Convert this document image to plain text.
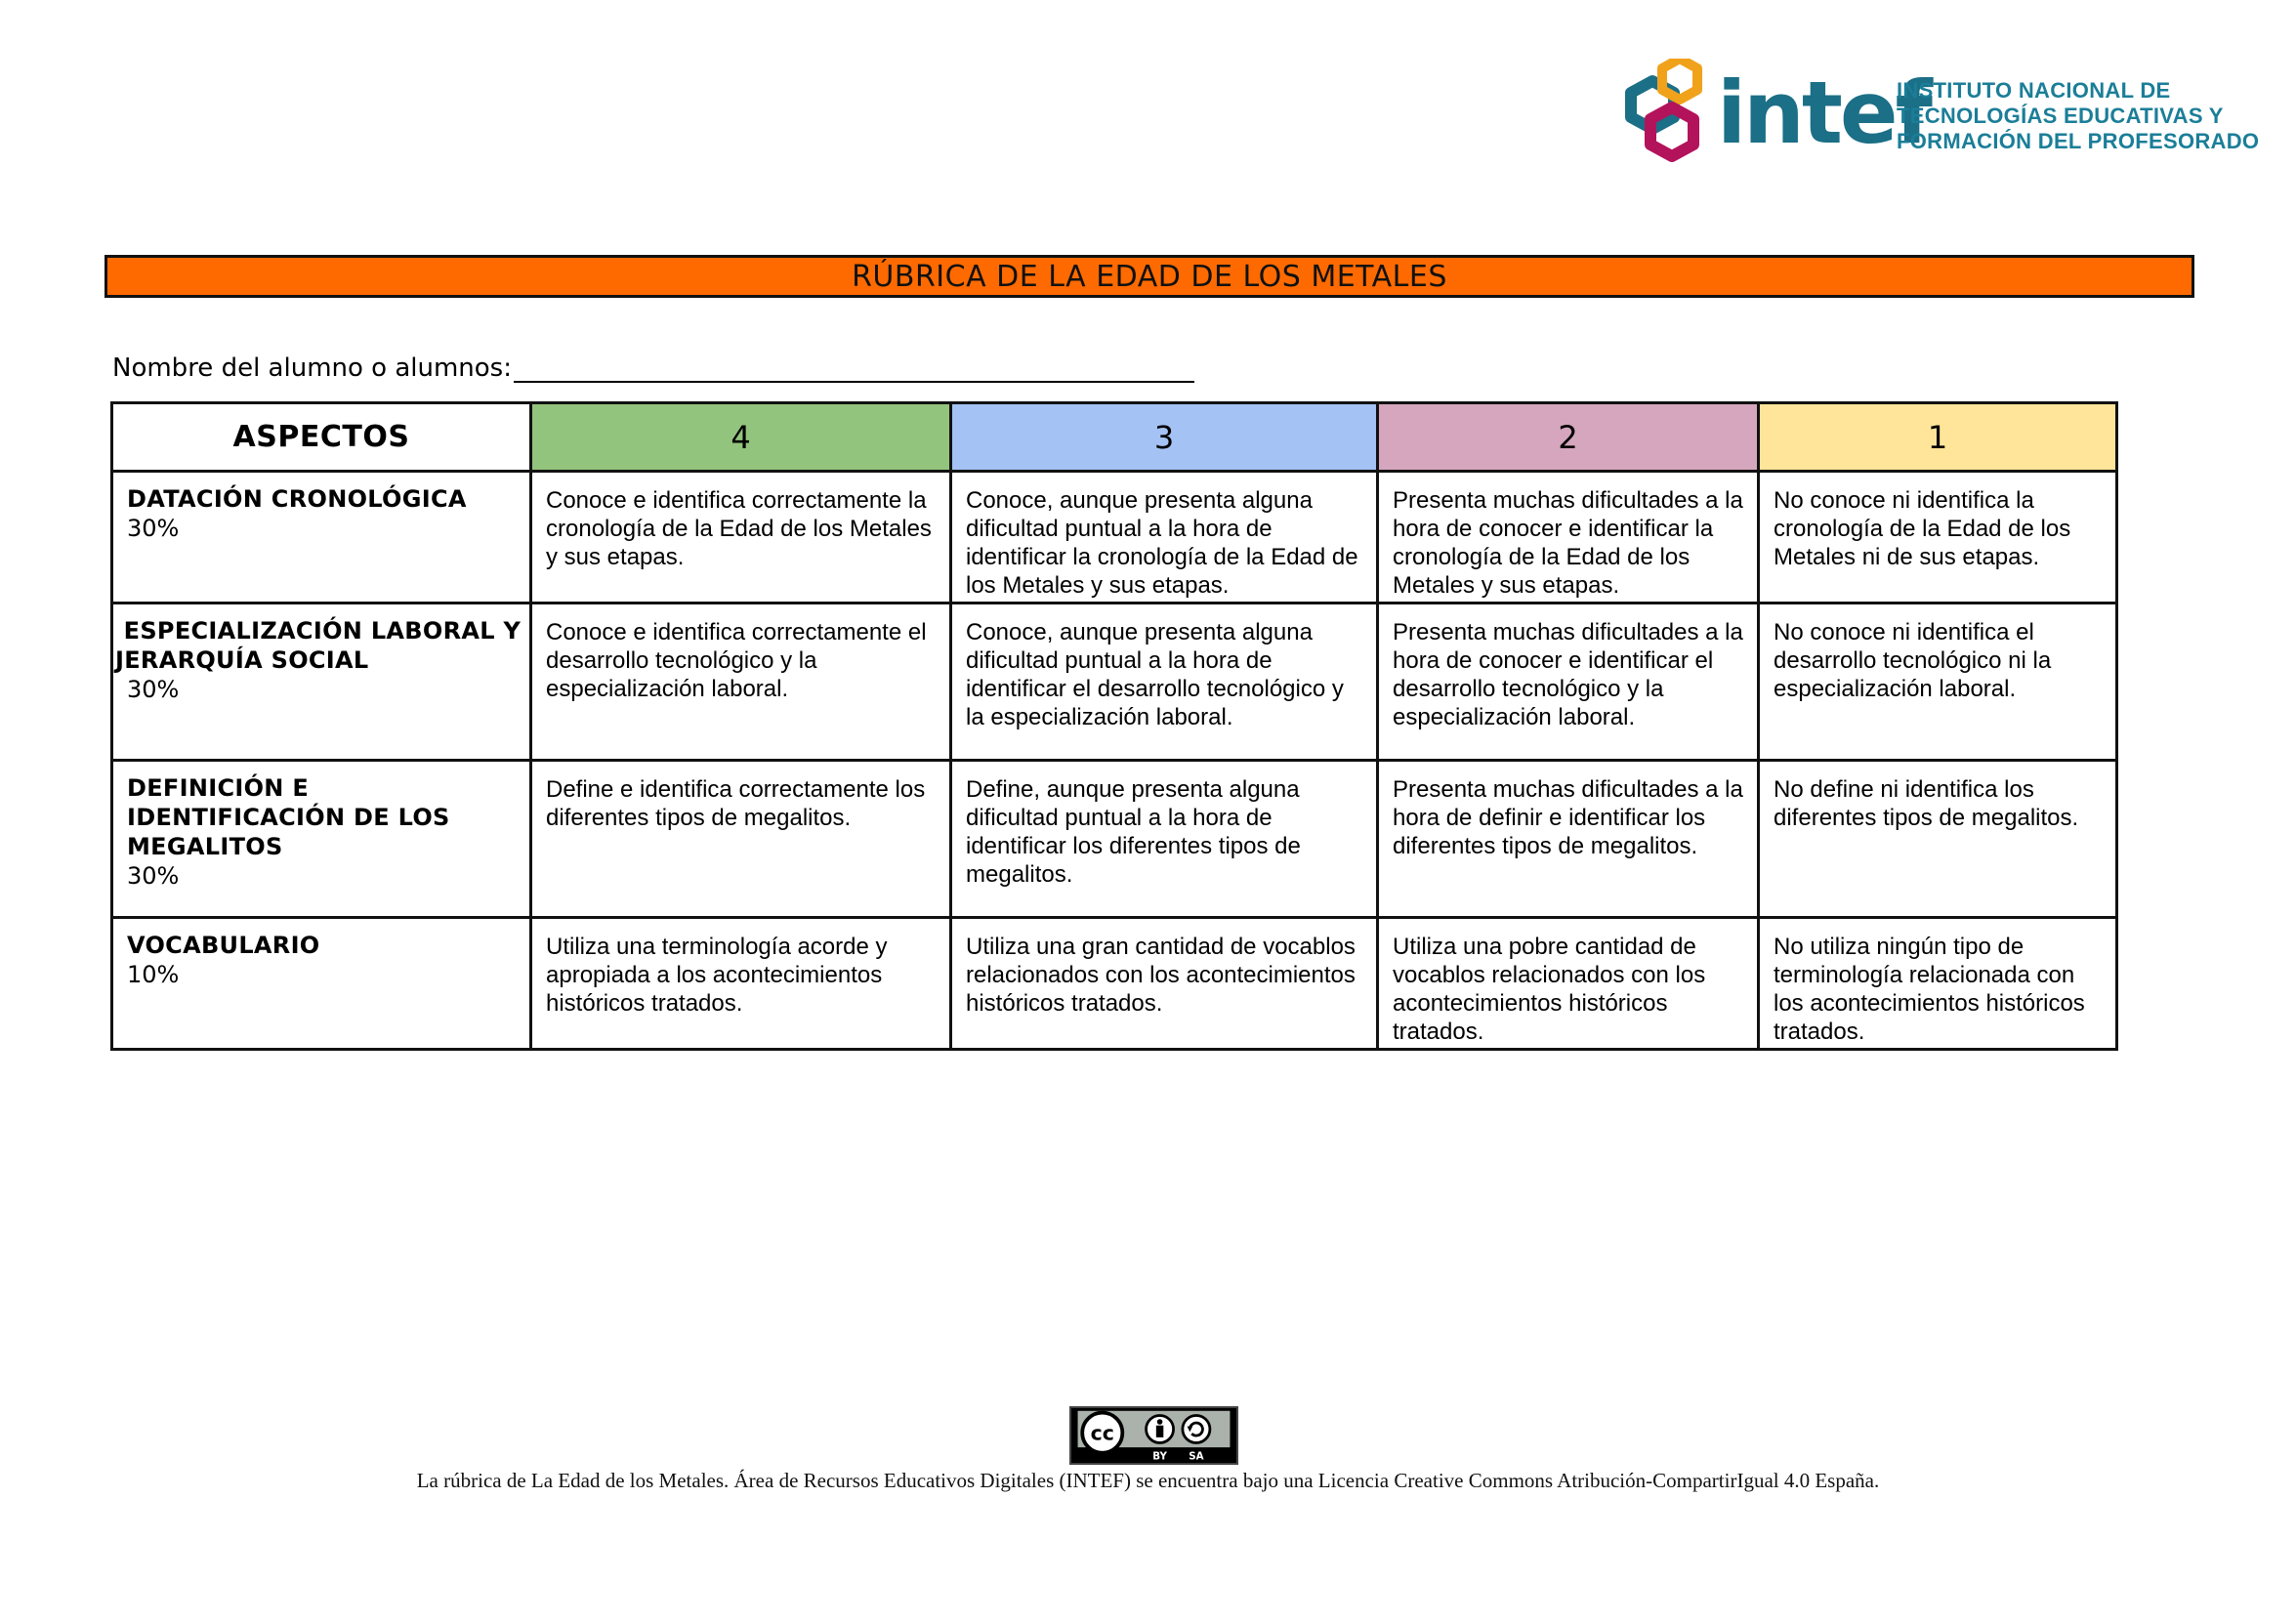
intef
INSTITUTO NACIONAL DE
TECNOLOGÍAS EDUCATIVAS Y
FORMACIÓN DEL PROFESORADO
RÚBRICA DE LA EDAD DE LOS METALES
Nombre del alumno o alumnos:
ASPECTOS	4	3	2	1

DATACIÓN CRONOLÓGICA
30%	Conoce e identifica correctamente la cronología de la Edad de los Metales y sus etapas.	Conoce, aunque presenta alguna dificultad puntual a la hora de identificar la cronología de la Edad de los Metales y sus etapas.	Presenta muchas dificultades a la hora de conocer e identificar la cronología de la Edad de los Metales y sus etapas.	No conoce ni identifica la cronología de la Edad de los Metales ni de sus etapas.

ESPECIALIZACIÓN LABORAL Y JERARQUÍA SOCIAL
30%	Conoce e identifica correctamente el desarrollo tecnológico y la especialización laboral.	Conoce, aunque presenta alguna dificultad puntual a la hora de identificar el desarrollo tecnológico y la especialización laboral.	Presenta muchas dificultades a la hora de conocer e identificar el desarrollo tecnológico y la especialización laboral.	No conoce ni identifica el desarrollo tecnológico ni la especialización laboral.

DEFINICIÓN E IDENTIFICACIÓN DE LOS MEGALITOS
30%	Define e identifica correctamente los diferentes tipos de megalitos.	Define, aunque presenta alguna dificultad puntual a la hora de identificar los diferentes tipos de megalitos.	Presenta muchas dificultades a la hora de definir e identificar los diferentes tipos de megalitos.	No define ni identifica los diferentes tipos de megalitos.

VOCABULARIO
10%	Utiliza una terminología acorde y apropiada a los acontecimientos históricos tratados.	Utiliza una gran cantidad de vocablos relacionados con los acontecimientos históricos tratados.	Utiliza una pobre cantidad de vocablos relacionados con los acontecimientos históricos tratados.	No utiliza ningún tipo de terminología relacionada con los acontecimientos históricos tratados.
cc
BY SA
La rúbrica de La Edad de los Metales. Área de Recursos Educativos Digitales (INTEF) se encuentra bajo una Licencia Creative Commons Atribución-CompartirIgual 4.0 España.
